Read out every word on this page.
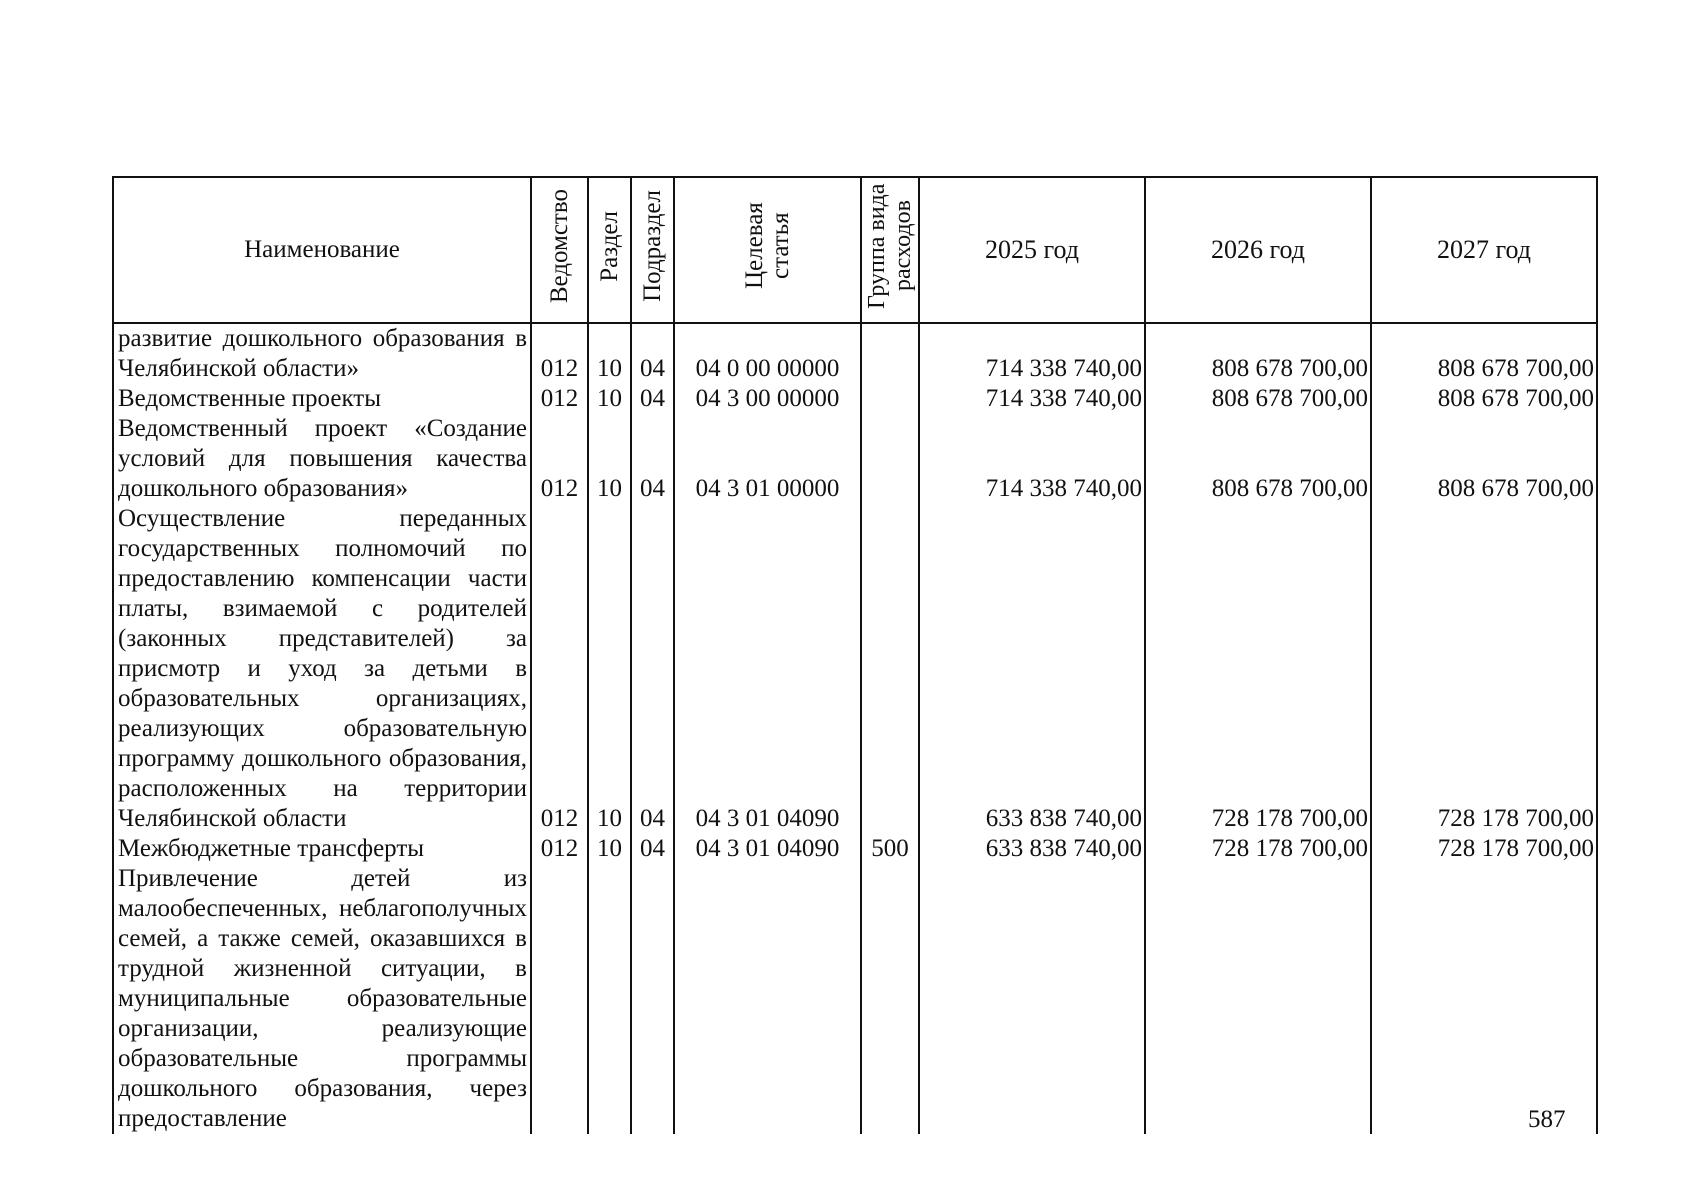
Наименование	Ведомство	Раздел	Подраздел	Целевая статья	Группа вида расходов	2025 год	2026 год	2027 год
развитие дошкольного образования в Челябинской области»	012	10	04	04 0 00 00000		714 338 740,00	808 678 700,00	808 678 700,00
Ведомственные проекты	012	10	04	04 3 00 00000		714 338 740,00	808 678 700,00	808 678 700,00
Ведомственный проект «Создание условий для повышения качества дошкольного образования»	012	10	04	04 3 01 00000		714 338 740,00	808 678 700,00	808 678 700,00
Осуществление переданных государственных полномочий по предоставлению компенсации части платы, взимаемой с родителей (законных представителей) за присмотр и уход за детьми в образовательных организациях, реализующих образовательную программу дошкольного образования, расположенных на территории Челябинской области	012	10	04	04 3 01 04090		633 838 740,00	728 178 700,00	728 178 700,00
Межбюджетные трансферты	012	10	04	04 3 01 04090	500	633 838 740,00	728 178 700,00	728 178 700,00
Привлечение детей из малообеспеченных, неблагополучных семей, а также семей, оказавшихся в трудной жизненной ситуации, в муниципальные образовательные организации, реализующие образовательные программы дошкольного образования, через предоставление									587
